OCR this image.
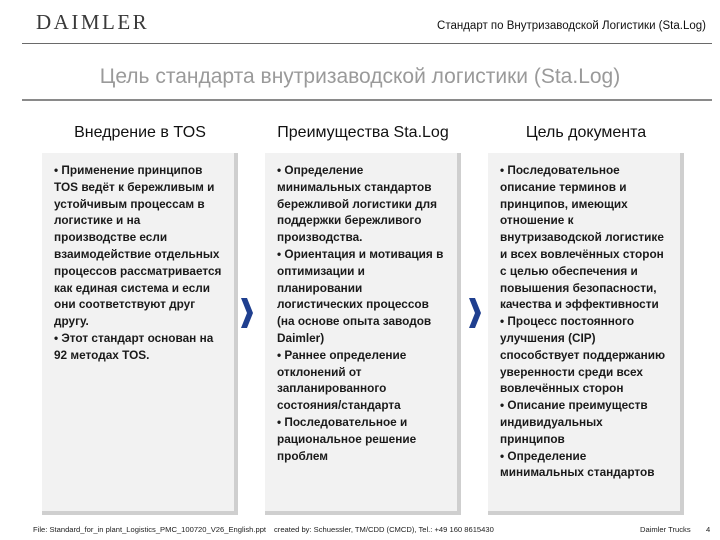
DAIMLER	Стандарт по Внутризаводской Логистики (Sta.Log)
Цель стандарта внутризаводской логистики (Sta.Log)
Внедрение в TOS

• Применение принципов TOS ведёт к бережливым и устойчивым процессам в логистике и на производстве если взаимодействие отдельных процессов рассматривается как единая система и если они соответствуют друг другу.

• Этот стандарт основан на 92 методах TOS.

Преимущества Sta.Log

• Определение минимальных стандартов бережливой логистики для поддержки бережливого производства.

• Ориентация и мотивация в оптимизации и планировании логистических процессов (на основе опыта заводов Daimler)

• Раннее определение отклонений от запланированного состояния/стандарта

• Последовательное и рациональное решение проблем

Цель документа

• Последовательное описание терминов и принципов, имеющих отношение к внутризаводской логистике и всех вовлечённых сторон с целью обеспечения и повышения безопасности, качества и эффективности

• Процесс постоянного улучшения (CIP) способствует поддержанию уверенности среди всех вовлечённых сторон

• Описание преимуществ индивидуальных принципов

• Определение минимальных стандартов

File: Standard_for_in plant_Logistics_PMC_100720_V26_English.ppt created by: Schuessler, TM/CDD (CMCD), Tel.: +49 160 8615430	Daimler Trucks 4
